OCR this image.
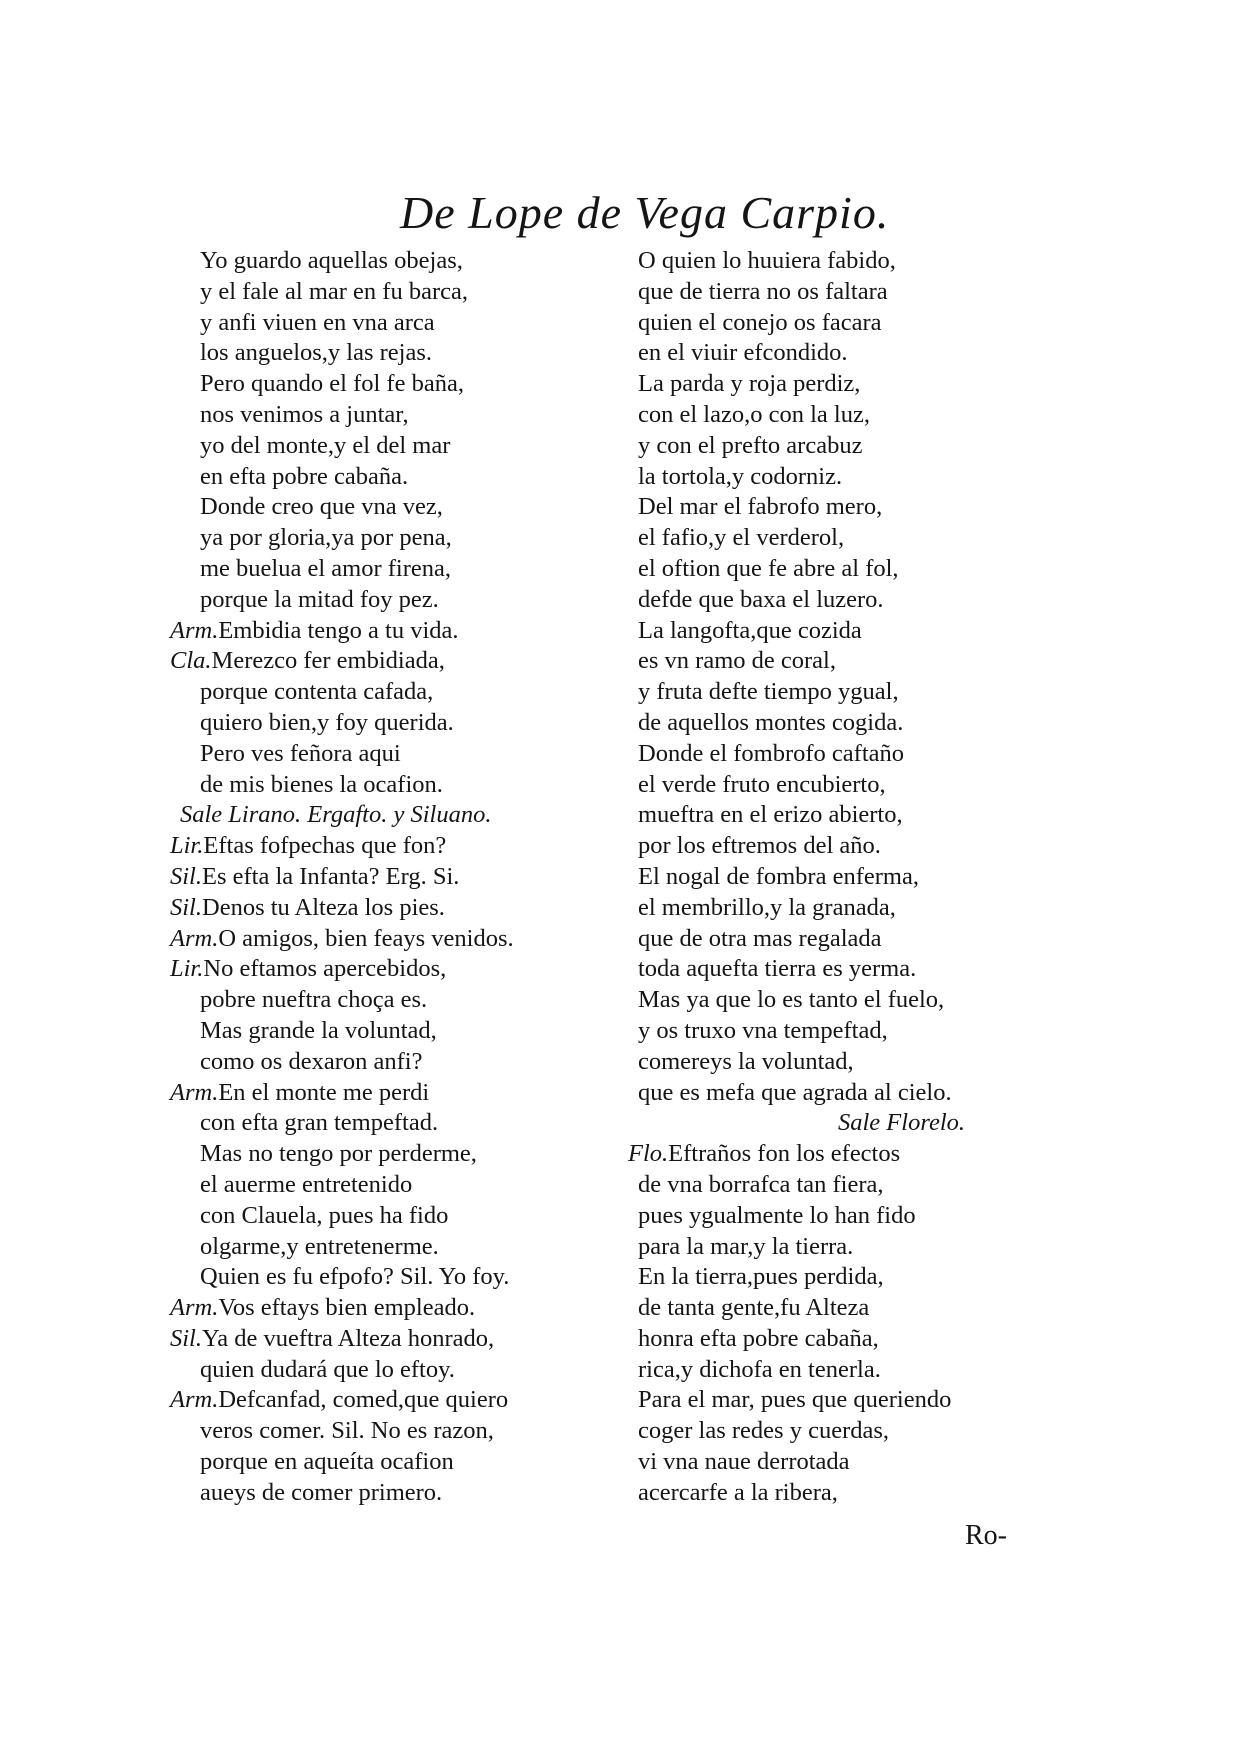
De Lope de Vega Carpio.
Yo guardo aquellas obejas,
y el fale al mar en fu barca,
y anfi viuen en vna arca
los anguelos,y las rejas.
Pero quando el fol fe baña,
nos venimos a juntar,
yo del monte,y el del mar
en efta pobre cabaña.
Donde creo que vna vez,
ya por gloria,ya por pena,
me buelua el amor firena,
porque la mitad foy pez.
Arm.Embidia tengo a tu vida.
Cla.Merezco fer embidiada,
porque contenta cafada,
quiero bien,y foy querida.
Pero ves feñora aqui
de mis bienes la ocafion.
Sale Lirano. Ergafto. y Siluano.
Lir.Eftas fofpechas que fon?
Sil.Es efta la Infanta? Erg. Si.
Sil.Denos tu Alteza los pies.
Arm.O amigos, bien feays venidos.
Lir.No eftamos apercebidos,
pobre nueftra choça es.
Mas grande la voluntad,
como os dexaron anfi?
Arm.En el monte me perdi
con efta gran tempeftad.
Mas no tengo por perderme,
el auerme entretenido
con Clauela, pues ha fido
olgarme,y entretenerme.
Quien es fu efpofo? Sil. Yo foy.
Arm.Vos eftays bien empleado.
Sil.Ya de vueftra Alteza honrado,
quien dudará que lo eftoy.
Arm.Defcanfad, comed,que quiero
veros comer. Sil. No es razon,
porque en aqueíta ocafion
aueys de comer primero.
O quien lo huuiera fabido,
que de tierra no os faltara
quien el conejo os facara
en el viuir efcondido.
La parda y roja perdiz,
con el lazo,o con la luz,
y con el prefto arcabuz
la tortola,y codorniz.
Del mar el fabrofo mero,
el fafio,y el verderol,
el oftion que fe abre al fol,
defde que baxa el luzero.
La langofta,que cozida
es vn ramo de coral,
y fruta defte tiempo ygual,
de aquellos montes cogida.
Donde el fombrofo caftaño
el verde fruto encubierto,
mueftra en el erizo abierto,
por los eftremos del año.
El nogal de fombra enferma,
el membrillo,y la granada,
que de otra mas regalada
toda aquefta tierra es yerma.
Mas ya que lo es tanto el fuelo,
y os truxo vna tempeftad,
comereys la voluntad,
que es mefa que agrada al cielo.
Sale Florelo.
Flo.Eftraños fon los efectos
de vna borrafca tan fiera,
pues ygualmente lo han fido
para la mar,y la tierra.
En la tierra,pues perdida,
de tanta gente,fu Alteza
honra efta pobre cabaña,
rica,y dichofa en tenerla.
Para el mar, pues que queriendo
coger las redes y cuerdas,
vi vna naue derrotada
acercarfe a la ribera,
Ro-
